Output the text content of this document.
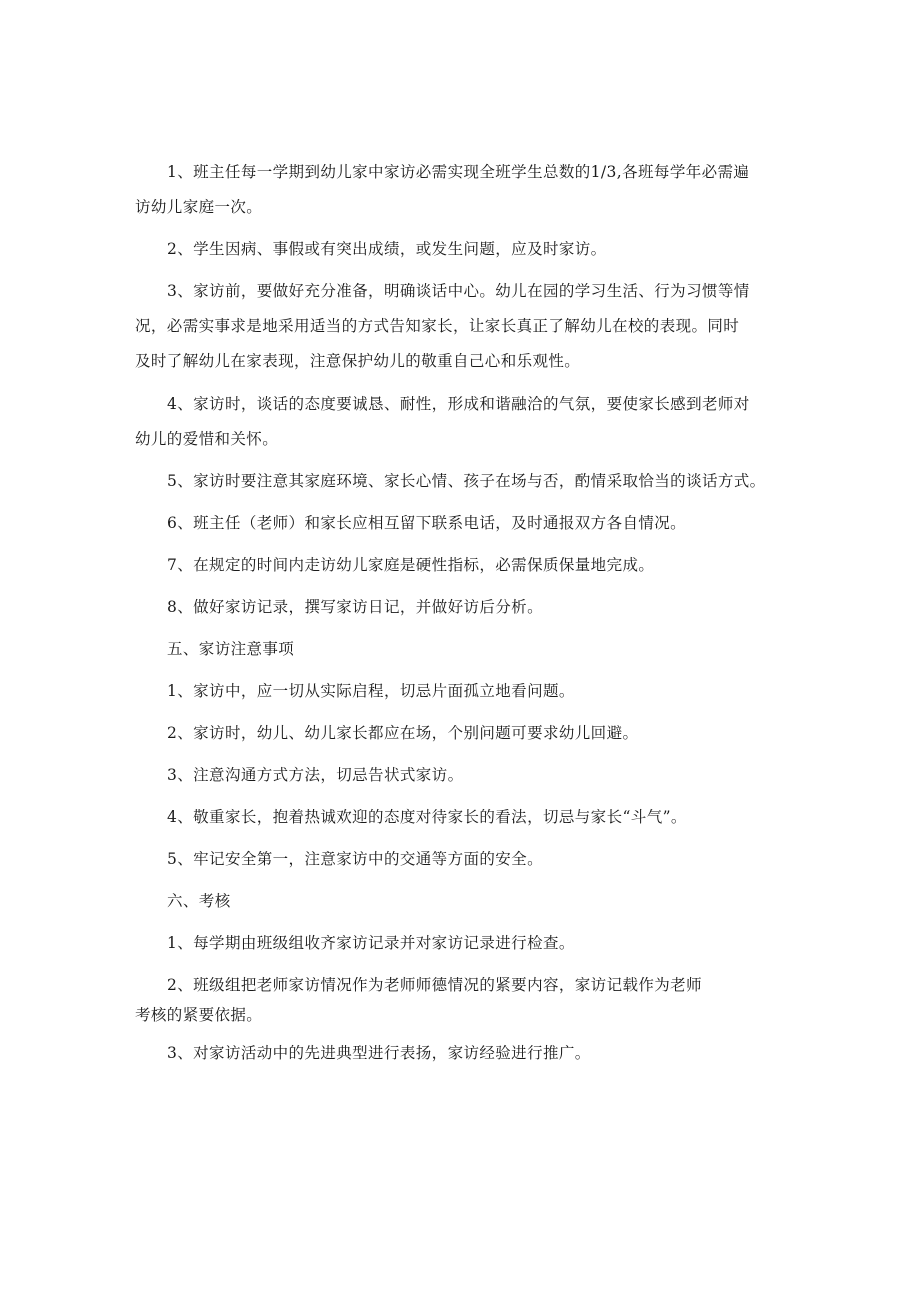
1、班主任每一学期到幼儿家中家访必需实现全班学生总数的1/3,各班每学年必需遍
访幼儿家庭一次。
2、学生因病、事假或有突出成绩，或发生问题，应及时家访。
3、家访前，要做好充分准备，明确谈话中心。幼儿在园的学习生活、行为习惯等情
况，必需实事求是地采用适当的方式告知家长，让家长真正了解幼儿在校的表现。同时
及时了解幼儿在家表现，注意保护幼儿的敬重自己心和乐观性。
4、家访时，谈话的态度要诚恳、耐性，形成和谐融洽的气氛，要使家长感到老师对
幼儿的爱惜和关怀。
5、家访时要注意其家庭环境、家长心情、孩子在场与否，酌情采取恰当的谈话方式。
6、班主任（老师）和家长应相互留下联系电话，及时通报双方各自情况。
7、在规定的时间内走访幼儿家庭是硬性指标，必需保质保量地完成。
8、做好家访记录，撰写家访日记，并做好访后分析。
五、家访注意事项
1、家访中，应一切从实际启程，切忌片面孤立地看问题。
2、家访时，幼儿、幼儿家长都应在场，个别问题可要求幼儿回避。
3、注意沟通方式方法，切忌告状式家访。
4、敬重家长，抱着热诚欢迎的态度对待家长的看法，切忌与家长“斗气”。
5、牢记安全第一，注意家访中的交通等方面的安全。
六、考核
1、每学期由班级组收齐家访记录并对家访记录进行检查。
2、班级组把老师家访情况作为老师师德情况的紧要内容，家访记载作为老师
考核的紧要依据。
3、对家访活动中的先进典型进行表扬，家访经验进行推广。
